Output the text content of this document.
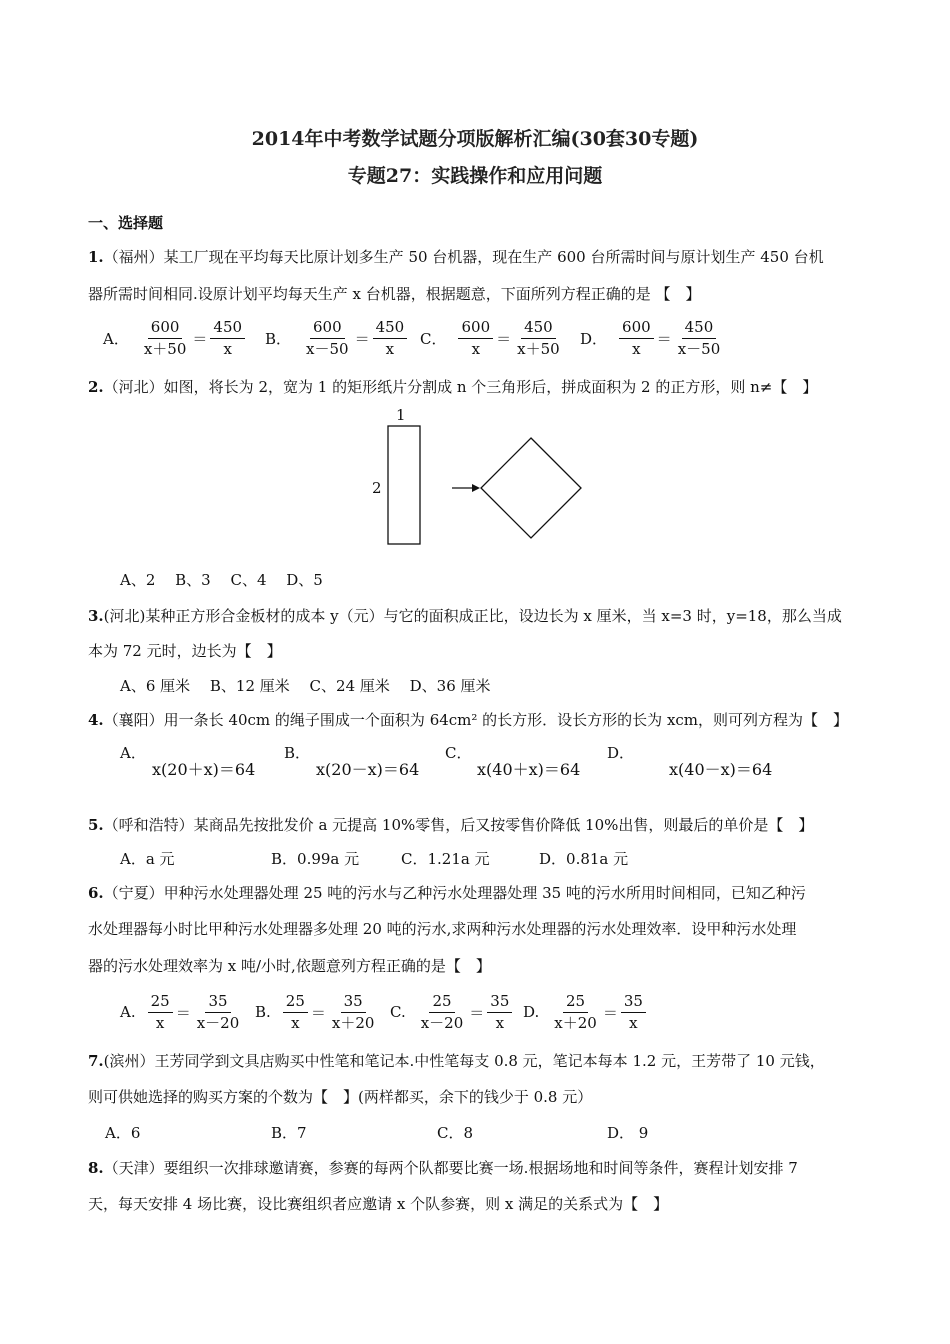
2014年中考数学试题分项版解析汇编(30套30专题)
专题27：实践操作和应用问题
一、选择题
1.（福州）某工厂现在平均每天比原计划多生产 50 台机器，现在生产 600 台所需时间与原计划生产 450 台机
器所需时间相同.设原计划平均每天生产 x 台机器，根据题意，下面所列方程正确的是 【　】
A． $\frac{600}{x+50} = \frac{450}{x}$ B． $\frac{600}{x-50} = \frac{450}{x}$ C． $\frac{600}{x} = \frac{450}{x+50}$ D． $\frac{600}{x} = \frac{450}{x-50}$
2.（河北）如图，将长为 2，宽为 1 的矩形纸片分割成 n 个三角形后，拼成面积为 2 的正方形，则 n≠【　】
1
2
A、2　 B、3　 C、4　 D、5
3.(河北)某种正方形合金板材的成本 y（元）与它的面积成正比，设边长为 x 厘米，当 x=3 时，y=18，那么当成
本为 72 元时，边长为【　】
A、6 厘米　 B、12 厘米　 C、24 厘米　 D、36 厘米
4.（襄阳）用一条长 40cm 的绳子围成一个面积为 64cm² 的长方形．设长方形的长为 xcm，则可列方程为【　】
A．
x(20＋x)＝64
B．
x(20－x)＝64
C．
x(40＋x)＝64
D．
x(40－x)＝64
5.（呼和浩特）某商品先按批发价 a 元提高 10%零售，后又按零售价降低 10%出售，则最后的单价是【　】
A．a 元	B．0.99a 元	C．1.21a 元	D．0.81a 元
6.（宁夏）甲种污水处理器处理 25 吨的污水与乙种污水处理器处理 35 吨的污水所用时间相同，已知乙种污
水处理器每小时比甲种污水处理器多处理 20 吨的污水,求两种污水处理器的污水处理效率．设甲种污水处理
器的污水处理效率为 x 吨/小时,依题意列方程正确的是【　】
A. $\frac{25}{x} = \frac{35}{x-20} B$. $\frac{25}{x} = \frac{35}{x+20} C$. $\frac{25}{x-20} = \frac{35}{x} D$. $\frac{25}{x+20} = \frac{35}{x}$
7.(滨州）王芳同学到文具店购买中性笔和笔记本.中性笔每支 0.8 元，笔记本每本 1.2 元，王芳带了 10 元钱，
则可供她选择的购买方案的个数为【　】(两样都买，余下的钱少于 0.8 元）
A．6	B．7	C．8	D． 9
8.（天津）要组织一次排球邀请赛，参赛的每两个队都要比赛一场.根据场地和时间等条件，赛程计划安排 7
天，每天安排 4 场比赛，设比赛组织者应邀请 x 个队参赛，则 x 满足的关系式为【　】
